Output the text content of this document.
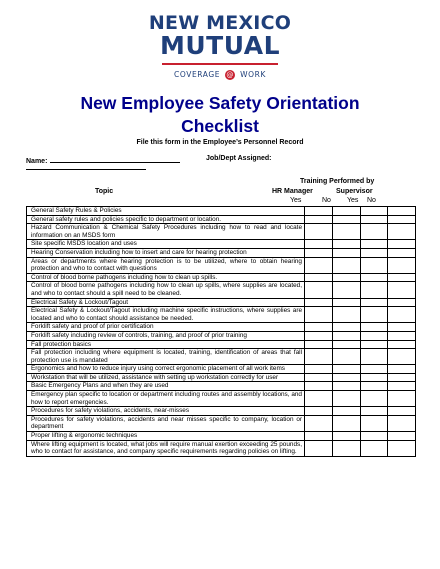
NEW MEXICO
MUTUAL
COVERAGE @ WORK
New Employee Safety Orientation
Checklist
File this form in the Employee’s Personnel Record
Name:	Job/Dept Assigned:
Training Performed by
Topic	HR Manager	Supervisor
Yes	No Yes No
General Safety Rules & Policies				
General safety rules and policies specific to department or location.				
Hazard Communication & Chemical Safety Procedures including how to read and locate information on an MSDS form				
Site specific MSDS location and uses				
Hearing Conservation including how to insert and care for hearing protection				
Areas or departments where hearing protection is to be utilized, where to obtain hearing protection and who to contact with questions				
Control of blood borne pathogens including how to clean up spills.				
Control of blood borne pathogens including how to clean up spills, where supplies are located, and who to contact should a spill need to be cleaned.				
Electrical Safety & Lockout/Tagout				
Electrical Safety & Lockout/Tagout including machine specific instructions, where supplies are located and who to contact should assistance be needed.				
Forklift safety and proof of prior certification				
Forklift safety including review of controls, training, and proof of prior training				
Fall protection basics				
Fall protection including where equipment is located, training, identification of areas that fall protection use is mandated				
Ergonomics and how to reduce injury using correct ergonomic placement of all work items				
Workstation that will be utilized, assistance with setting up workstation correctly for user				
Basic Emergency Plans and when they are used				
Emergency plan specific to location or department including routes and assembly locations, and how to report emergencies.				
Procedures for safety violations, accidents, near-misses				
Procedures for safety violations, accidents and near misses specific to company, location or department				
Proper lifting & ergonomic techniques				
Where lifting equipment is located, what jobs will require manual exertion exceeding 25 pounds, who to contact for assistance, and company specific requirements regarding policies on lifting.				
